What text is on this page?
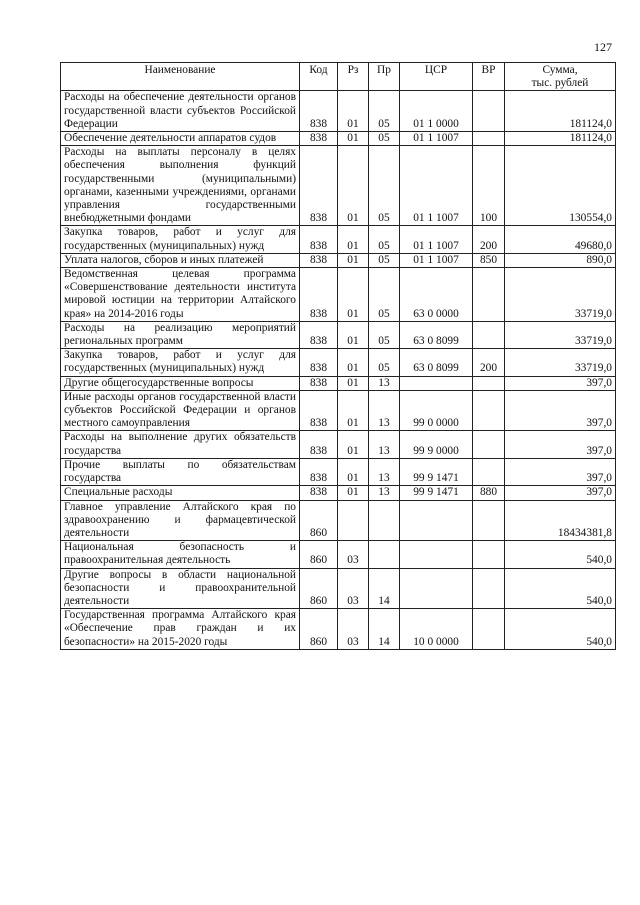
127
Наименование	Код	Рз	Пр	ЦСР	ВР	Сумма,
тыс. рублей

Расходы на обеспечение деятельности органов государственной власти субъектов Российской Федерации	838	01	05	01 1 0000		181124,0
Обеспечение деятельности аппаратов судов	838	01	05	01 1 1007		181124,0
Расходы на выплаты персоналу в целях обеспечения выполнения функций государственными (муниципальными) органами, казенными учреждениями, органами управления государственными внебюджетными фондами	838	01	05	01 1 1007	100	130554,0
Закупка товаров, работ и услуг для государственных (муниципальных) нужд	838	01	05	01 1 1007	200	49680,0
Уплата налогов, сборов и иных платежей	838	01	05	01 1 1007	850	890,0
Ведомственная целевая программа «Совершенствование деятельности института мировой юстиции на территории Алтайского края» на 2014-2016 годы	838	01	05	63 0 0000		33719,0
Расходы на реализацию мероприятий региональных программ	838	01	05	63 0 8099		33719,0
Закупка товаров, работ и услуг для государственных (муниципальных) нужд	838	01	05	63 0 8099	200	33719,0
Другие общегосударственные вопросы	838	01	13			397,0
Иные расходы органов государственной власти субъектов Российской Федерации и органов местного самоуправления	838	01	13	99 0 0000		397,0
Расходы на выполнение других обязательств государства	838	01	13	99 9 0000		397,0
Прочие выплаты по обязательствам государства	838	01	13	99 9 1471		397,0
Специальные расходы	838	01	13	99 9 1471	880	397,0
Главное управление Алтайского края по здравоохранению и фармацевтической деятельности	860					18434381,8
Национальная безопасность и правоохранительная деятельность	860	03				540,0
Другие вопросы в области национальной безопасности и правоохранительной деятельности	860	03	14			540,0
Государственная программа Алтайского края «Обеспечение прав граждан и их безопасности» на 2015-2020 годы	860	03	14	10 0 0000		540,0
